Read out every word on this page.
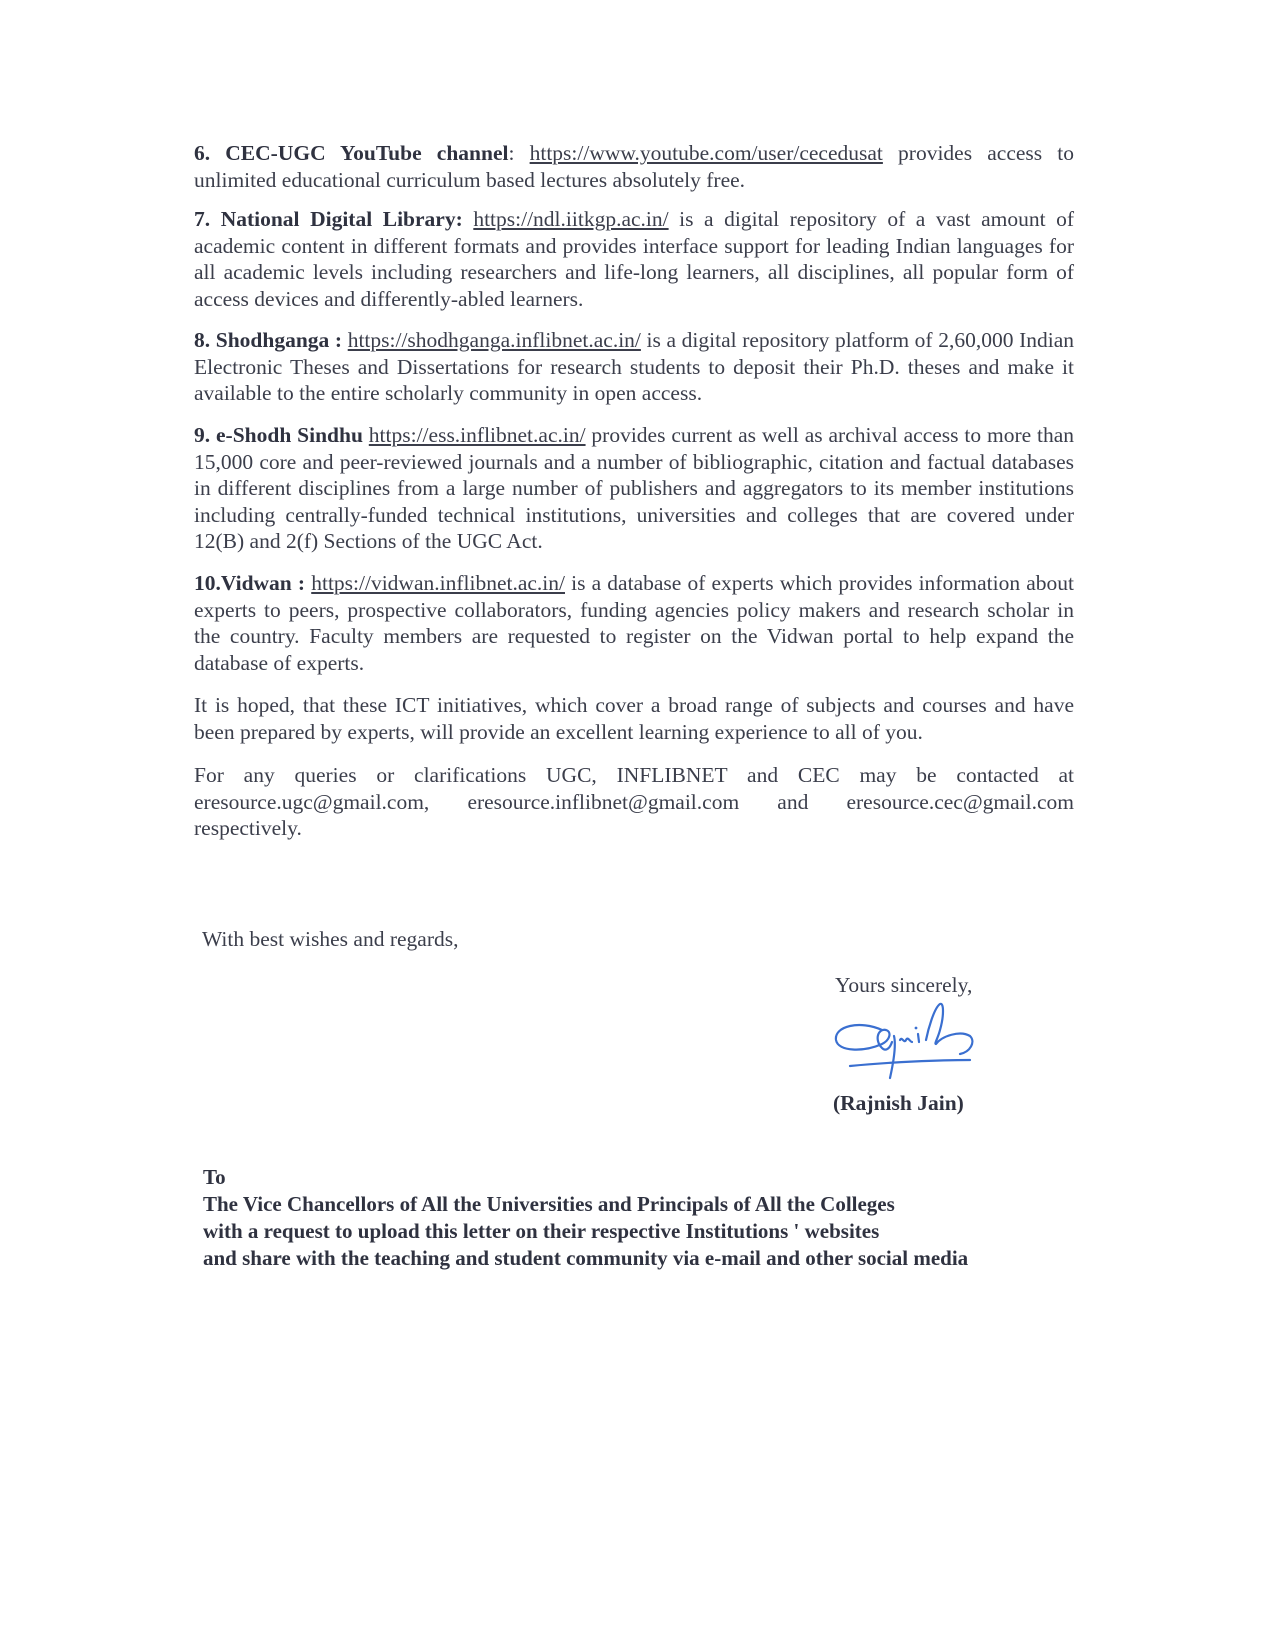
6. CEC-UGC YouTube channel: https://www.youtube.com/user/cecedusat provides access to unlimited educational curriculum based lectures absolutely free.

7. National Digital Library: https://ndl.iitkgp.ac.in/ is a digital repository of a vast amount of academic content in different formats and provides interface support for leading Indian languages for all academic levels including researchers and life-long learners, all disciplines, all popular form of access devices and differently-abled learners.

8. Shodhganga : https://shodhganga.inflibnet.ac.in/ is a digital repository platform of 2,60,000 Indian Electronic Theses and Dissertations for research students to deposit their Ph.D. theses and make it available to the entire scholarly community in open access.

9. e-Shodh Sindhu https://ess.inflibnet.ac.in/ provides current as well as archival access to more than 15,000 core and peer-reviewed journals and a number of bibliographic, citation and factual databases in different disciplines from a large number of publishers and aggregators to its member institutions including centrally-funded technical institutions, universities and colleges that are covered under 12(B) and 2(f) Sections of the UGC Act.

10.Vidwan : https://vidwan.inflibnet.ac.in/ is a database of experts which provides information about experts to peers, prospective collaborators, funding agencies policy makers and research scholar in the country. Faculty members are requested to register on the Vidwan portal to help expand the database of experts.

It is hoped, that these ICT initiatives, which cover a broad range of subjects and courses and have been prepared by experts, will provide an excellent learning experience to all of you.

For any queries or clarifications UGC, INFLIBNET and CEC may be contacted at eresource.ugc@gmail.com, eresource.inflibnet@gmail.com and eresource.cec@gmail.com respectively.

With best wishes and regards,
Yours sincerely,
(Rajnish Jain)
To
The Vice Chancellors of All the Universities and Principals of All the Colleges
with a request to upload this letter on their respective Institutions ' websites
and share with the teaching and student community via e-mail and other social media
